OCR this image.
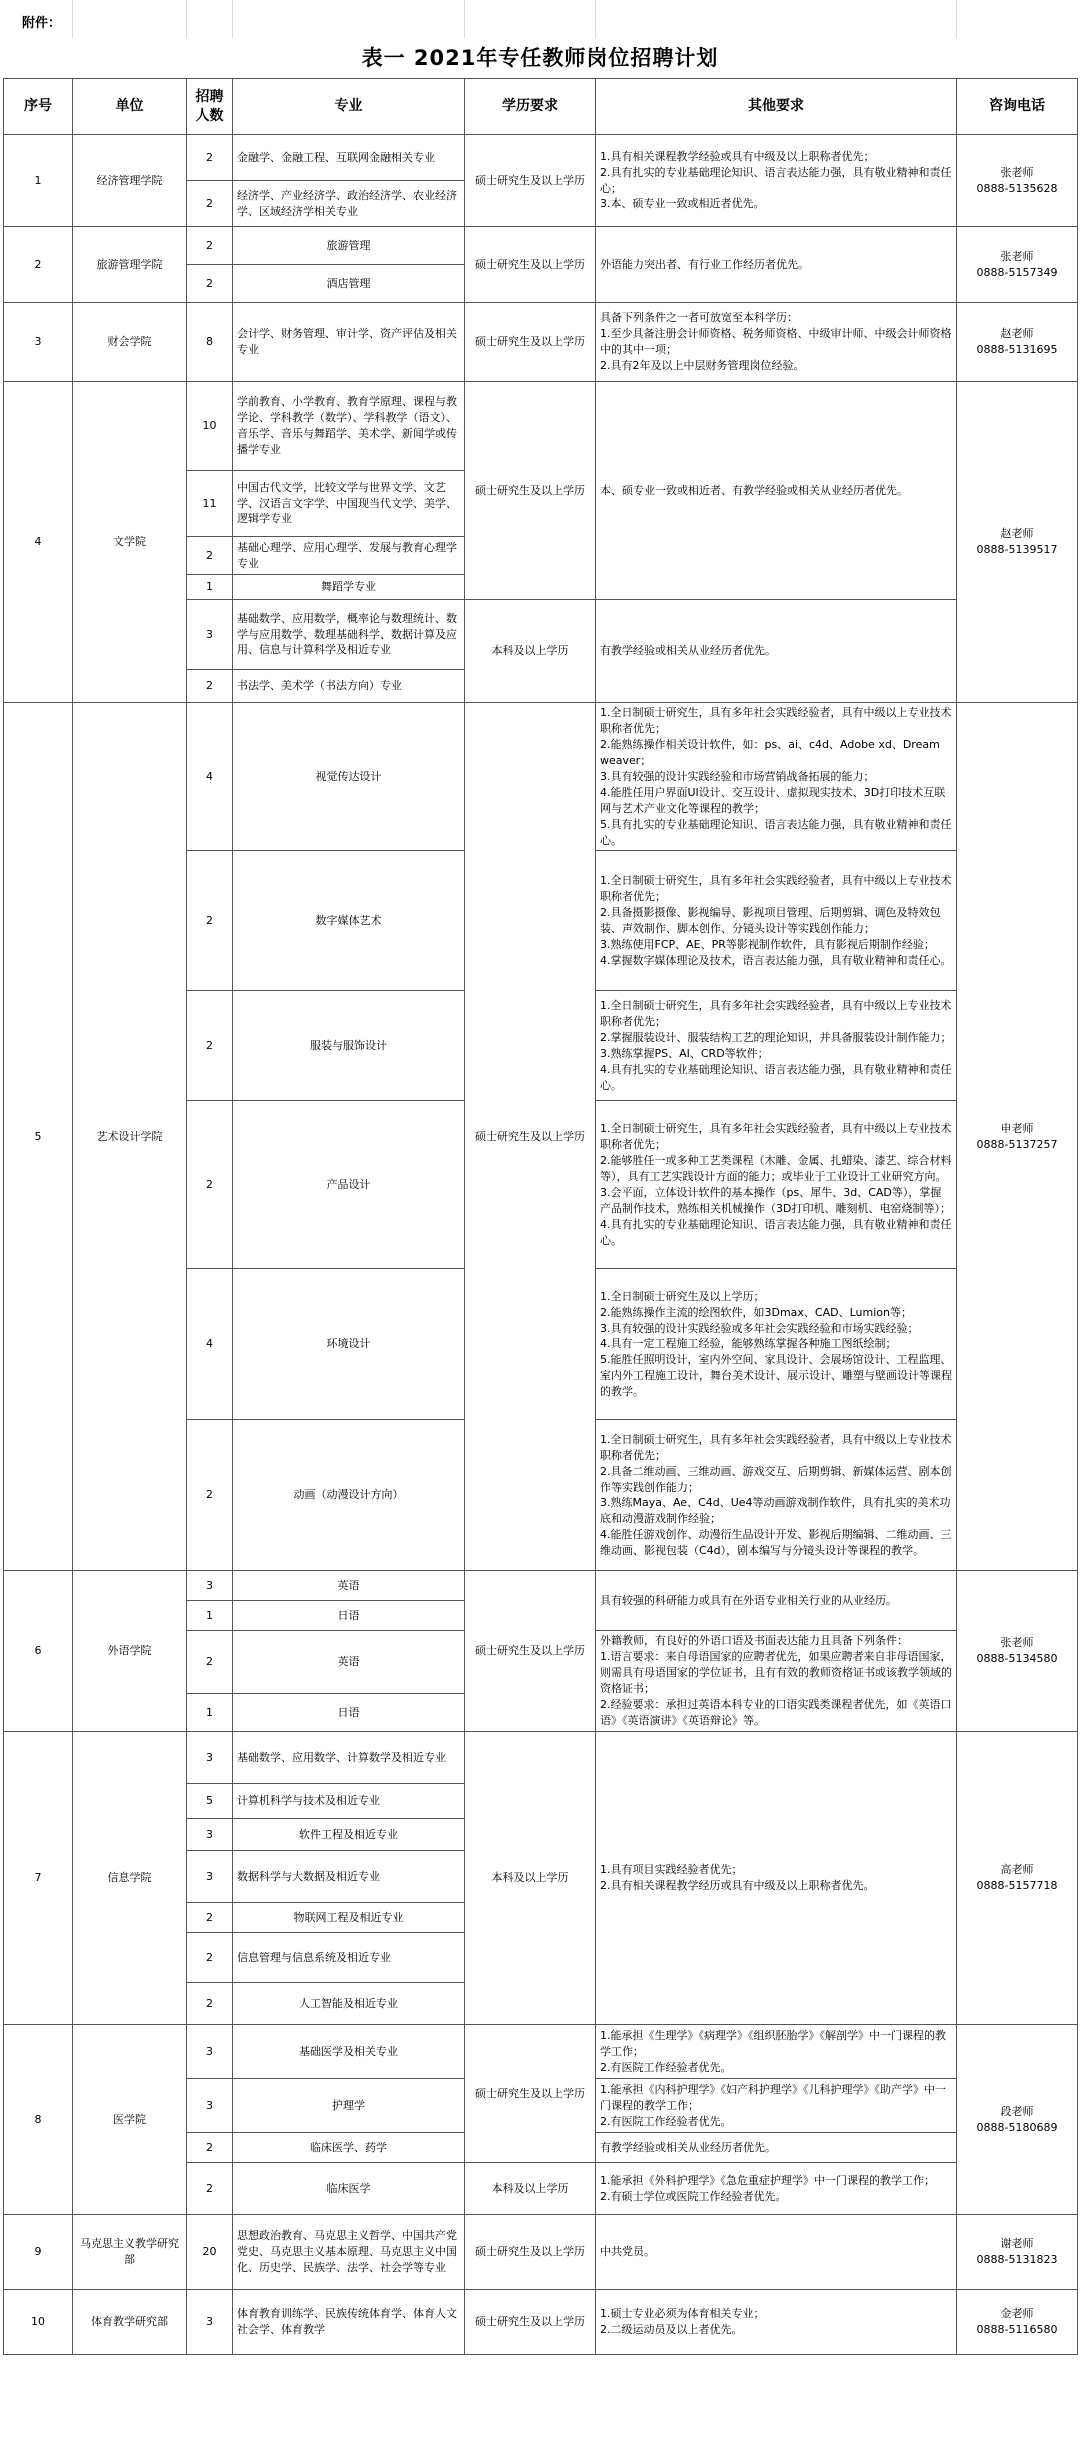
附件：
表一 2021年专任教师岗位招聘计划
序号	单位	招聘人数	专业	学历要求	其他要求	咨询电话
1	经济管理学院	2	金融学、金融工程、互联网金融相关专业	硕士研究生及以上学历	1.具有相关课程教学经验或具有中级及以上职称者优先；
2.具有扎实的专业基础理论知识、语言表达能力强，具有敬业精神和责任心；
3.本、硕专业一致或相近者优先。	张老师
0888-5135628

		2	经济学、产业经济学、政治经济学、农业经济学、区域经济学相关专业			
2	旅游管理学院	2	旅游管理	硕士研究生及以上学历	外语能力突出者、有行业工作经历者优先。	张老师
0888-5157349

		2	酒店管理			
3	财会学院	8	会计学、财务管理、审计学、资产评估及相关专业	硕士研究生及以上学历	具备下列条件之一者可放宽至本科学历：
1.至少具备注册会计师资格、税务师资格、中级审计师、中级会计师资格中的其中一项；
2.具有2年及以上中层财务管理岗位经验。	赵老师
0888-5131695

4	文学院	10	学前教育、小学教育、教育学原理、课程与教学论、学科教学（数学）、学科教学（语文）、音乐学、音乐与舞蹈学、美术学、新闻学或传播学专业	硕士研究生及以上学历	本、硕专业一致或相近者、有教学经验或相关从业经历者优先。	赵老师
0888-5139517

		11	中国古代文学，比较文学与世界文学、文艺学、汉语言文字学、中国现当代文学、美学、逻辑学专业			
		2	基础心理学、应用心理学、发展与教育心理学专业			
		1	舞蹈学专业			
		3	基础数学、应用数学，概率论与数理统计、数学与应用数学、数理基础科学、数据计算及应用、信息与计算科学及相近专业	本科及以上学历	有教学经验或相关从业经历者优先。	
		2	书法学、美术学（书法方向）专业			
5	艺术设计学院	4	视觉传达设计	硕士研究生及以上学历	1.全日制硕士研究生，具有多年社会实践经验者，具有中级以上专业技术职称者优先；
2.能熟练操作相关设计软件，如：ps、ai、c4d、Adobe xd、Dream weaver；
3.具有较强的设计实践经验和市场营销战备拓展的能力；
4.能胜任用户界面UI设计、交互设计、虚拟现实技术、3D打印技术互联网与艺术产业文化等课程的教学；
5.具有扎实的专业基础理论知识、语言表达能力强，具有敬业精神和责任心。	申老师
0888-5137257

		2	数字媒体艺术		1.全日制硕士研究生，具有多年社会实践经验者，具有中级以上专业技术职称者优先；
2.具备摄影摄像、影视编导、影视项目管理、后期剪辑、调色及特效包装、声效制作、脚本创作、分镜头设计等实践创作能力；
3.熟练使用FCP、AE、PR等影视制作软件，具有影视后期制作经验；
4.掌握数字媒体理论及技术，语言表达能力强，具有敬业精神和责任心。	
		2	服装与服饰设计		1.全日制硕士研究生，具有多年社会实践经验者，具有中级以上专业技术职称者优先；
2.掌握服装设计、服装结构工艺的理论知识，并具备服装设计制作能力；
3.熟练掌握PS、AI、CRD等软件；
4.具有扎实的专业基础理论知识、语言表达能力强，具有敬业精神和责任心。	
		2	产品设计		1.全日制硕士研究生，具有多年社会实践经验者，具有中级以上专业技术职称者优先；
2.能够胜任一或多种工艺类课程（木雕、金属、扎蜡染、漆艺、综合材料等），具有工艺实践设计方面的能力；或毕业于工业设计工业研究方向。
3.会平面，立体设计软件的基本操作（ps、犀牛、3d、CAD等），掌握产品制作技术，熟练相关机械操作（3D打印机、雕刻机、电窑烧制等）；
4.具有扎实的专业基础理论知识、语言表达能力强，具有敬业精神和责任心。	
		4	环境设计		1.全日制硕士研究生及以上学历；
2.能熟练操作主流的绘图软件，如3Dmax、CAD、Lumion等；
3.具有较强的设计实践经验或多年社会实践经验和市场实践经验；
4.具有一定工程施工经验，能够熟练掌握各种施工图纸绘制；
5.能胜任照明设计，室内外空间、家具设计、会展场馆设计、工程监理、室内外工程施工设计，舞台美术设计、展示设计、雕塑与壁画设计等课程的教学。	
		2	动画（动漫设计方向）		1.全日制硕士研究生，具有多年社会实践经验者，具有中级以上专业技术职称者优先；
2.具备二维动画、三维动画、游戏交互、后期剪辑、新媒体运营、剧本创作等实践创作能力；
3.熟练Maya、Ae、C4d、Ue4等动画游戏制作软件，具有扎实的美术功底和动漫游戏制作经验；
4.能胜任游戏创作、动漫衍生品设计开发、影视后期编辑、二维动画、三维动画、影视包装（C4d），剧本编写与分镜头设计等课程的教学。	
6	外语学院	3	英语	硕士研究生及以上学历	具有较强的科研能力或具有在外语专业相关行业的从业经历。	张老师
0888-5134580

		1	日语			
		2	英语		外籍教师，有良好的外语口语及书面表达能力且具备下列条件：
1.语言要求：来自母语国家的应聘者优先，如果应聘者来自非母语国家，则需具有母语国家的学位证书，且有有效的教师资格证书或该教学领域的资格证书；
2.经验要求：承担过英语本科专业的口语实践类课程者优先，如《英语口语》《英语演讲》《英语辩论》等。	
		1	日语			
7	信息学院	3	基础数学、应用数学、计算数学及相近专业	本科及以上学历	1.具有项目实践经验者优先；
2.具有相关课程教学经历或具有中级及以上职称者优先。	高老师
0888-5157718

		5	计算机科学与技术及相近专业			
		3	软件工程及相近专业			
		3	数据科学与大数据及相近专业			
		2	物联网工程及相近专业			
		2	信息管理与信息系统及相近专业			
		2	人工智能及相近专业			
8	医学院	3	基础医学及相关专业	硕士研究生及以上学历	1.能承担《生理学》《病理学》《组织胚胎学》《解剖学》中一门课程的教学工作；
2.有医院工作经验者优先。	段老师
0888-5180689

		3	护理学		1.能承担《内科护理学》《妇产科护理学》《儿科护理学》《助产学》中一门课程的教学工作；
2.有医院工作经验者优先。	
		2	临床医学、药学		有教学经验或相关从业经历者优先。	
		2	临床医学	本科及以上学历	1.能承担《外科护理学》《急危重症护理学》中一门课程的教学工作；
2.有硕士学位或医院工作经验者优先。	
9	马克思主义教学研究部	20	思想政治教育、马克思主义哲学、中国共产党党史、马克思主义基本原理、马克思主义中国化、历史学、民族学、法学、社会学等专业	硕士研究生及以上学历	中共党员。	谢老师
0888-5131823

10	体育教学研究部	3	体育教育训练学、民族传统体育学、体育人文社会学、体育教学	硕士研究生及以上学历	1.硕士专业必须为体育相关专业；
2.二级运动员及以上者优先。	金老师
0888-5116580
